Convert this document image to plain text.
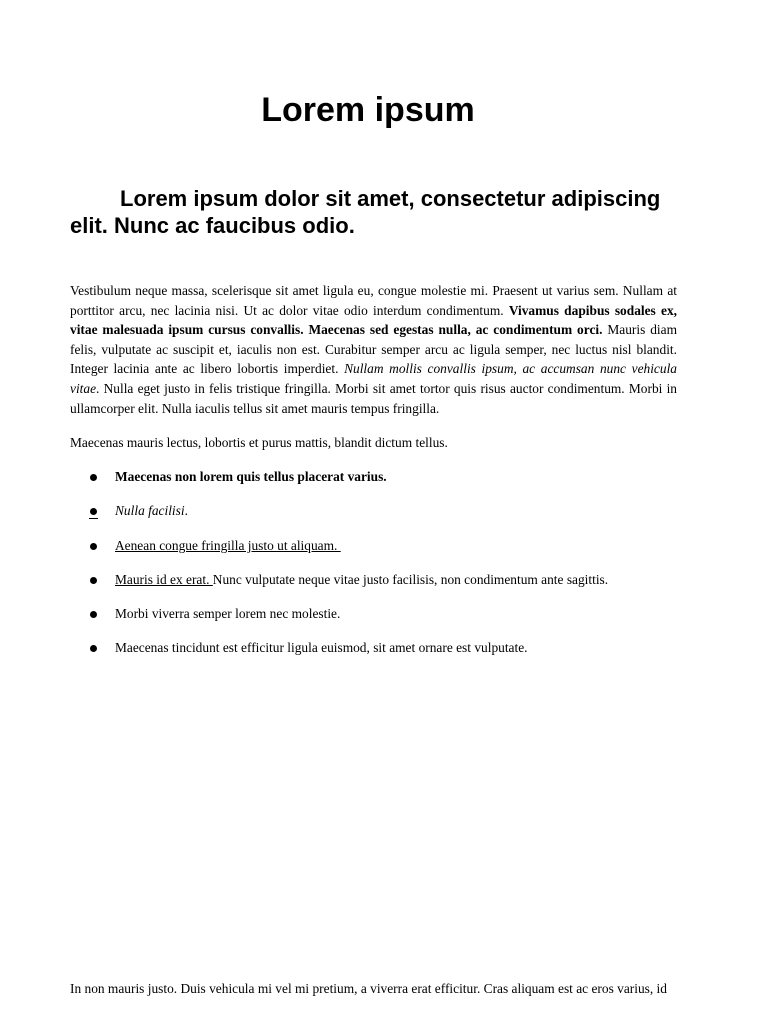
Lorem ipsum
Lorem ipsum dolor sit amet, consectetur adipiscing elit. Nunc ac faucibus odio.

Vestibulum neque massa, scelerisque sit amet ligula eu, congue molestie mi. Praesent ut varius sem. Nullam at porttitor arcu, nec lacinia nisi. Ut ac dolor vitae odio interdum condimentum. Vivamus dapibus sodales ex, vitae malesuada ipsum cursus convallis. Maecenas sed egestas nulla, ac condimentum orci. Mauris diam felis, vulputate ac suscipit et, iaculis non est. Curabitur semper arcu ac ligula semper, nec luctus nisl blandit. Integer lacinia ante ac libero lobortis imperdiet. Nullam mollis convallis ipsum, ac accumsan nunc vehicula vitae. Nulla eget justo in felis tristique fringilla. Morbi sit amet tortor quis risus auctor condimentum. Morbi in ullamcorper elit. Nulla iaculis tellus sit amet mauris tempus fringilla.

Maecenas mauris lectus, lobortis et purus mattis, blandit dictum tellus.

Maecenas non lorem quis tellus placerat varius.
Nulla facilisi.
Aenean congue fringilla justo ut aliquam.
Mauris id ex erat. Nunc vulputate neque vitae justo facilisis, non condimentum ante sagittis.
Morbi viverra semper lorem nec molestie.
Maecenas tincidunt est efficitur ligula euismod, sit amet ornare est vulputate.

In non mauris justo. Duis vehicula mi vel mi pretium, a viverra erat efficitur. Cras aliquam est ac eros varius, id
